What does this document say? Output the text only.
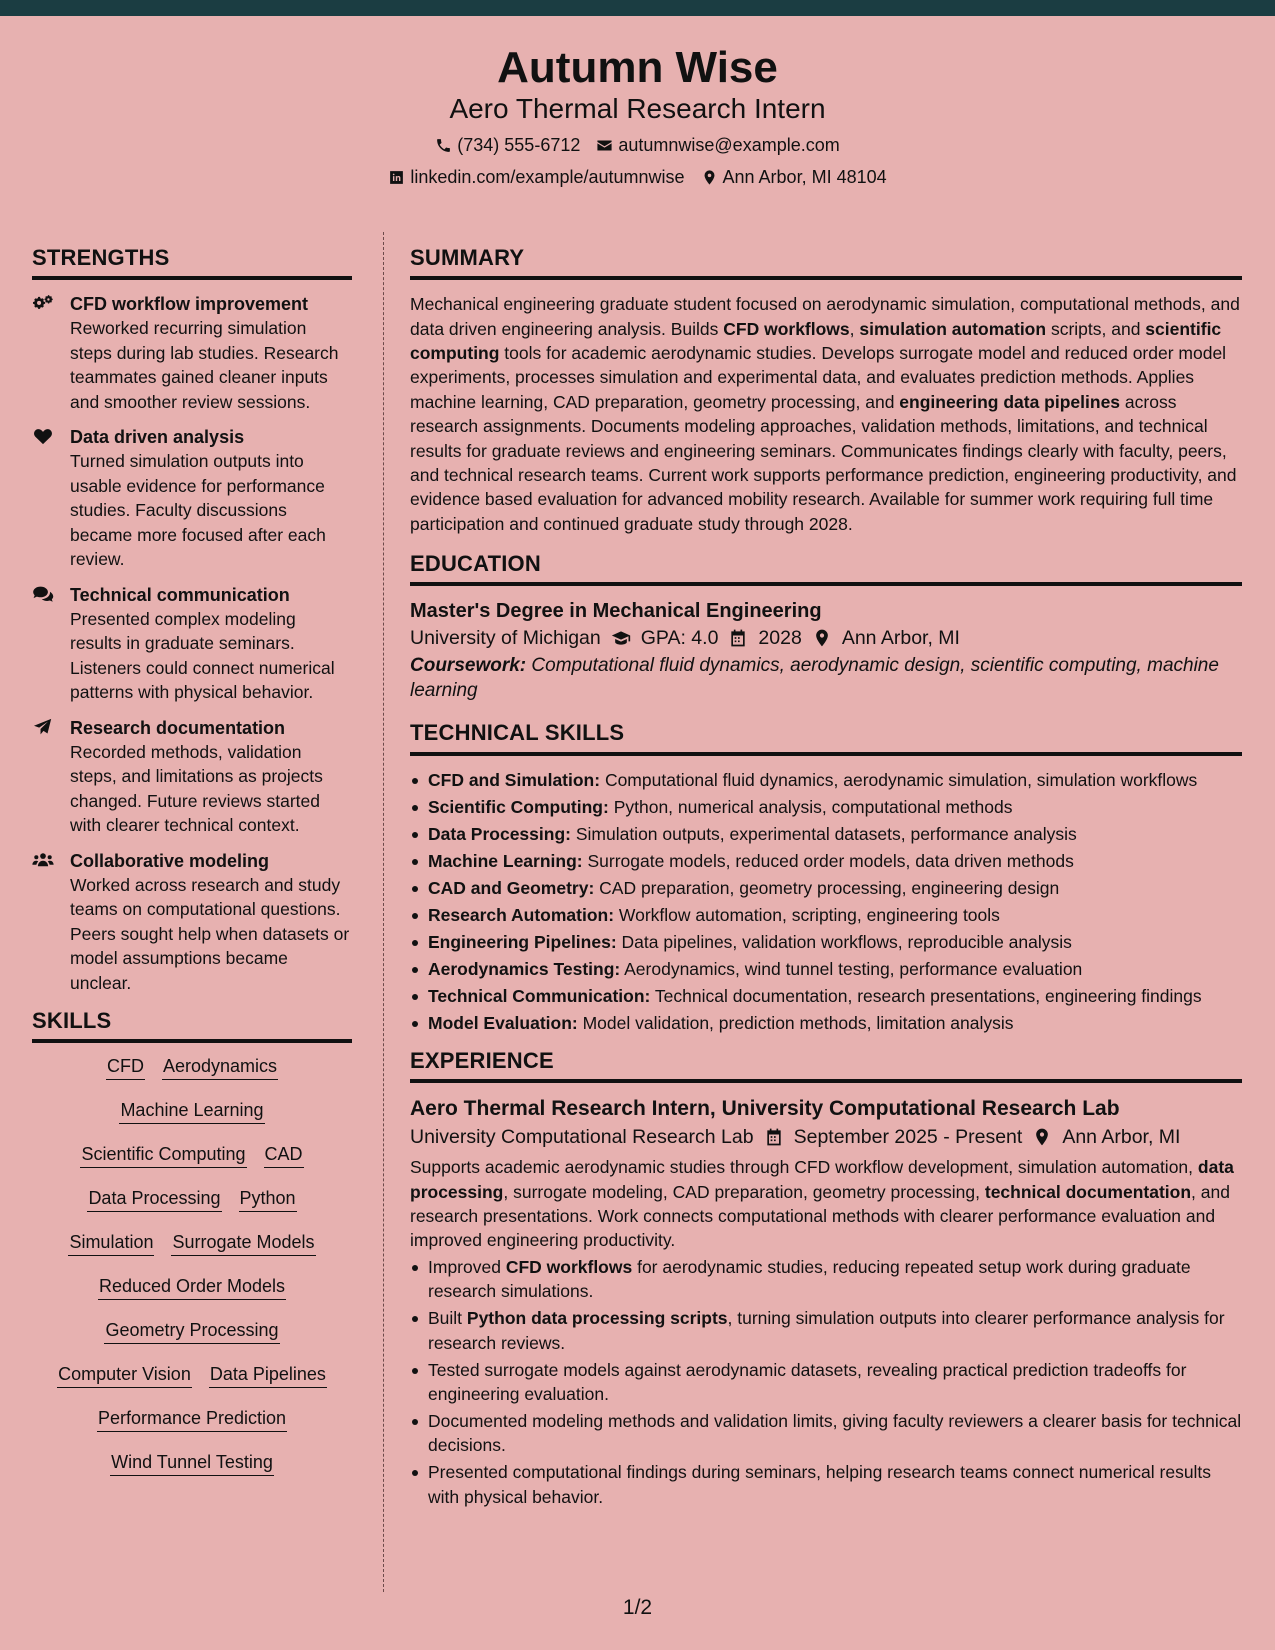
Autumn Wise
Aero Thermal Research Intern
(734) 555-6712 autumnwise@example.com
linkedin.com/example/autumnwise Ann Arbor, MI 48104
STRENGTHS
CFD workflow improvement
Reworked recurring simulation steps during lab studies. Research teammates gained cleaner inputs and smoother review sessions.
Data driven analysis
Turned simulation outputs into usable evidence for performance studies. Faculty discussions became more focused after each review.
Technical communication
Presented complex modeling results in graduate seminars. Listeners could connect numerical patterns with physical behavior.
Research documentation
Recorded methods, validation steps, and limitations as projects changed. Future reviews started with clearer technical context.
Collaborative modeling
Worked across research and study teams on computational questions. Peers sought help when datasets or model assumptions became unclear.
SKILLS
CFD Aerodynamics
Machine Learning
Scientific Computing CAD
Data Processing Python
Simulation Surrogate Models
Reduced Order Models
Geometry Processing
Computer Vision Data Pipelines
Performance Prediction
Wind Tunnel Testing
SUMMARY

Mechanical engineering graduate student focused on aerodynamic simulation, computational methods, and data driven engineering analysis. Builds CFD workflows, simulation automation scripts, and scientific computing tools for academic aerodynamic studies. Develops surrogate model and reduced order model experiments, processes simulation and experimental data, and evaluates prediction methods. Applies machine learning, CAD preparation, geometry processing, and engineering data pipelines across research assignments. Documents modeling approaches, validation methods, limitations, and technical results for graduate reviews and engineering seminars. Communicates findings clearly with faculty, peers, and technical research teams. Current work supports performance prediction, engineering productivity, and evidence based evaluation for advanced mobility research. Available for summer work requiring full time participation and continued graduate study through 2028.

EDUCATION
Master's Degree in Mechanical Engineering
University of Michigan GPA: 4.0 2028 Ann Arbor, MI
Coursework: Computational fluid dynamics, aerodynamic design, scientific computing, machine learning
TECHNICAL SKILLS
CFD and Simulation: Computational fluid dynamics, aerodynamic simulation, simulation workflows
Scientific Computing: Python, numerical analysis, computational methods
Data Processing: Simulation outputs, experimental datasets, performance analysis
Machine Learning: Surrogate models, reduced order models, data driven methods
CAD and Geometry: CAD preparation, geometry processing, engineering design
Research Automation: Workflow automation, scripting, engineering tools
Engineering Pipelines: Data pipelines, validation workflows, reproducible analysis
Aerodynamics Testing: Aerodynamics, wind tunnel testing, performance evaluation
Technical Communication: Technical documentation, research presentations, engineering findings
Model Evaluation: Model validation, prediction methods, limitation analysis
EXPERIENCE
Aero Thermal Research Intern, University Computational Research Lab
University Computational Research Lab September 2025 - Present Ann Arbor, MI

Supports academic aerodynamic studies through CFD workflow development, simulation automation, data processing, surrogate modeling, CAD preparation, geometry processing, technical documentation, and research presentations. Work connects computational methods with clearer performance evaluation and improved engineering productivity.

Improved CFD workflows for aerodynamic studies, reducing repeated setup work during graduate research simulations.
Built Python data processing scripts, turning simulation outputs into clearer performance analysis for research reviews.
Tested surrogate models against aerodynamic datasets, revealing practical prediction tradeoffs for engineering evaluation.
Documented modeling methods and validation limits, giving faculty reviewers a clearer basis for technical decisions.
Presented computational findings during seminars, helping research teams connect numerical results with physical behavior.
1/2
